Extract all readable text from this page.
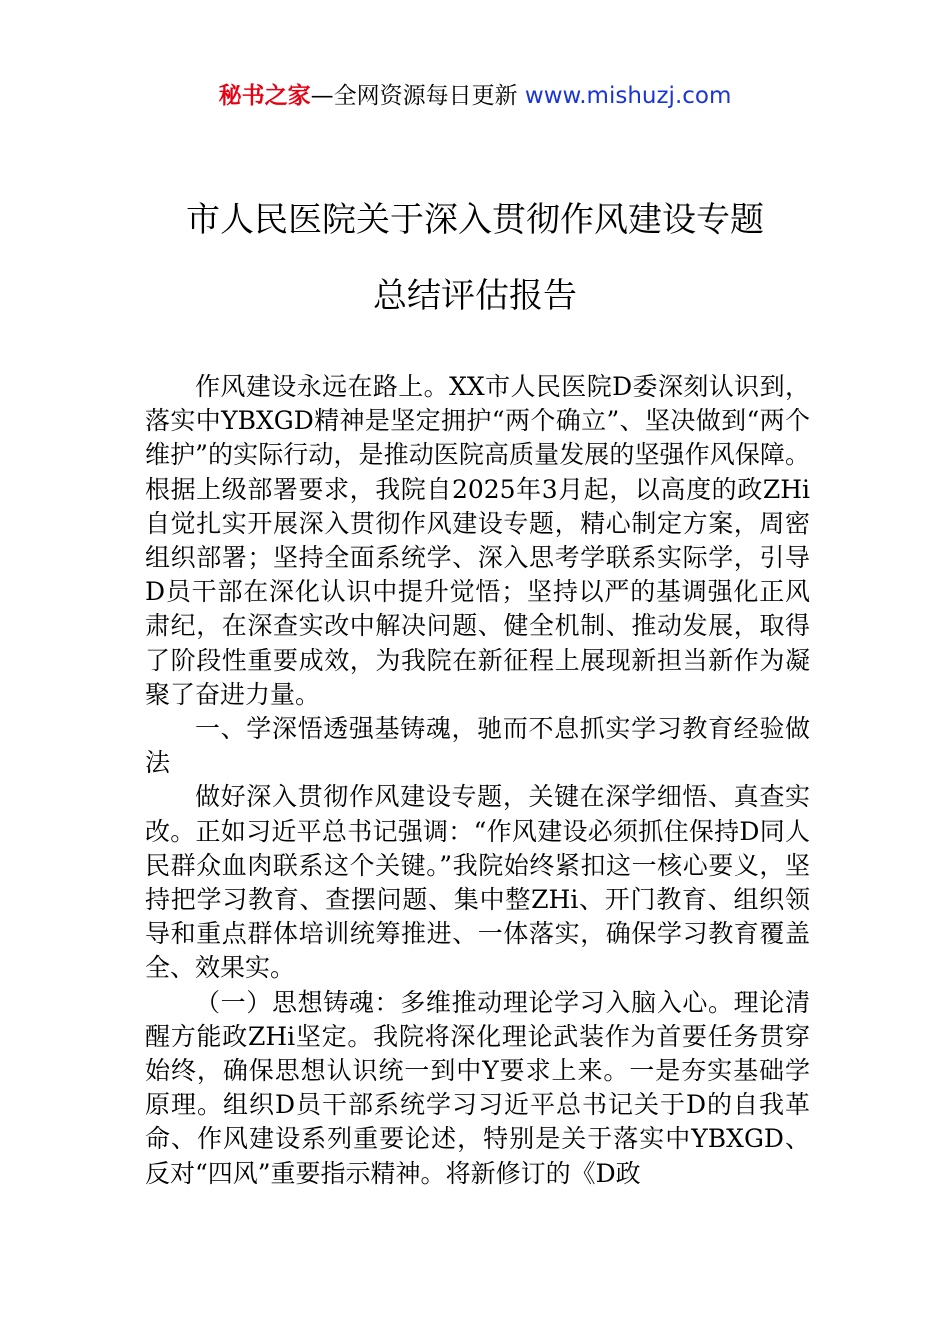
秘书之家—全网资源每日更新 www.mishuzj.com
市人民医院关于深入贯彻作风建设专题
总结评估报告

作风建设永远在路上。XX市人民医院D委深刻认识到，落实中YBXGD精神是坚定拥护“两个确立”、坚决做到“两个维护”的实际行动，是推动医院高质量发展的坚强作风保障。根据上级部署要求，我院自2025年3月起，以高度的政ZHi自觉扎实开展深入贯彻作风建设专题，精心制定方案，周密组织部署；坚持全面系统学、深入思考学联系实际学，引导D员干部在深化认识中提升觉悟；坚持以严的基调强化正风肃纪，在深查实改中解决问题、健全机制、推动发展，取得了阶段性重要成效，为我院在新征程上展现新担当新作为凝聚了奋进力量。

一、学深悟透强基铸魂，驰而不息抓实学习教育经验做法

做好深入贯彻作风建设专题，关键在深学细悟、真查实改。正如习近平总书记强调：“作风建设必须抓住保持D同人民群众血肉联系这个关键。”我院始终紧扣这一核心要义，坚持把学习教育、查摆问题、集中整ZHi、开门教育、组织领导和重点群体培训统筹推进、一体落实，确保学习教育覆盖全、效果实。

（一）思想铸魂：多维推动理论学习入脑入心。理论清醒方能政ZHi坚定。我院将深化理论武装作为首要任务贯穿始终，确保思想认识统一到中Y要求上来。一是夯实基础学原理。组织D员干部系统学习习近平总书记关于D的自我革命、作风建设系列重要论述，特别是关于落实中YBXGD、反对“四风”重要指示精神。将新修订的《D政
